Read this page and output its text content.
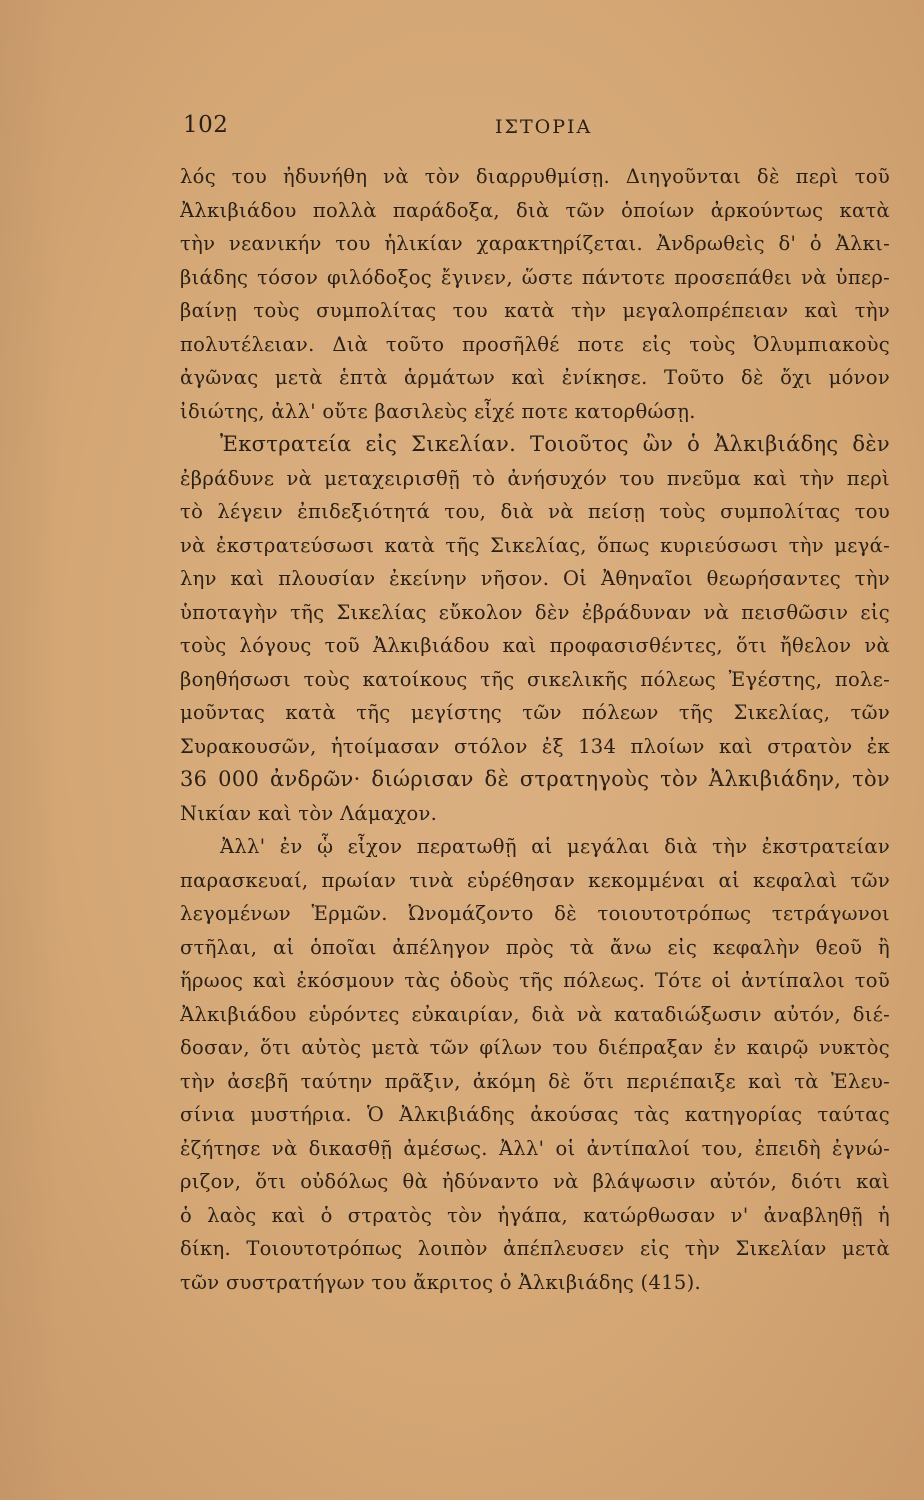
102	ΙΣΤΟΡΙΑ
λός του ἠδυνήθη νὰ τὸν διαρρυθμίσῃ. Διηγοῦνται δὲ περὶ τοῦ
Ἀλκιβιάδου πολλὰ παράδοξα, διὰ τῶν ὁποίων ἀρκούντως κατὰ
τὴν νεανικήν του ἡλικίαν χαρακτηρίζεται. Ἀνδρωθεὶς δ' ὁ Ἀλκι-
βιάδης τόσον φιλόδοξος ἔγινεν, ὥστε πάντοτε προσεπάθει νὰ ὑπερ-
βαίνῃ τοὺς συμπολίτας του κατὰ τὴν μεγαλοπρέπειαν καὶ τὴν
πολυτέλειαν. Διὰ τοῦτο προσῆλθέ ποτε εἰς τοὺς Ὀλυμπιακοὺς
ἀγῶνας μετὰ ἑπτὰ ἁρμάτων καὶ ἐνίκησε. Τοῦτο δὲ ὄχι μόνον
ἰδιώτης, ἀλλ' οὔτε βασιλεὺς εἶχέ ποτε κατορθώσῃ.
Ἐκστρατεία εἰς Σικελίαν. Τοιοῦτος ὢν ὁ Ἀλκιβιάδης δὲν
ἐβράδυνε νὰ μεταχειρισθῇ τὸ ἀνήσυχόν του πνεῦμα καὶ τὴν περὶ
τὸ λέγειν ἐπιδεξιότητά του, διὰ νὰ πείσῃ τοὺς συμπολίτας του
νὰ ἐκστρατεύσωσι κατὰ τῆς Σικελίας, ὅπως κυριεύσωσι τὴν μεγά-
λην καὶ πλουσίαν ἐκείνην νῆσον. Οἱ Ἀθηναῖοι θεωρήσαντες τὴν
ὑποταγὴν τῆς Σικελίας εὔκολον δὲν ἐβράδυναν νὰ πεισθῶσιν εἰς
τοὺς λόγους τοῦ Ἀλκιβιάδου καὶ προφασισθέντες, ὅτι ἤθελον νὰ
βοηθήσωσι τοὺς κατοίκους τῆς σικελικῆς πόλεως Ἐγέστης, πολε-
μοῦντας κατὰ τῆς μεγίστης τῶν πόλεων τῆς Σικελίας, τῶν
Συρακουσῶν, ἡτοίμασαν στόλον ἐξ 134 πλοίων καὶ στρατὸν ἐκ
36 000 ἀνδρῶν· διώρισαν δὲ στρατηγοὺς τὸν Ἀλκιβιάδην, τὸν
Νικίαν καὶ τὸν Λάμαχον.
Ἀλλ' ἐν ᾧ εἶχον περατωθῇ αἱ μεγάλαι διὰ τὴν ἐκστρατείαν
παρασκευαί, πρωίαν τινὰ εὑρέθησαν κεκομμέναι αἱ κεφαλαὶ τῶν
λεγομένων Ἑρμῶν. Ὠνομάζοντο δὲ τοιουτοτρόπως τετράγωνοι
στῆλαι, αἱ ὁποῖαι ἀπέληγον πρὸς τὰ ἄνω εἰς κεφαλὴν θεοῦ ἢ
ἥρωος καὶ ἐκόσμουν τὰς ὁδοὺς τῆς πόλεως. Τότε οἱ ἀντίπαλοι τοῦ
Ἀλκιβιάδου εὑρόντες εὐκαιρίαν, διὰ νὰ καταδιώξωσιν αὐτόν, διέ-
δοσαν, ὅτι αὐτὸς μετὰ τῶν φίλων του διέπραξαν ἐν καιρῷ νυκτὸς
τὴν ἀσεβῆ ταύτην πρᾶξιν, ἀκόμη δὲ ὅτι περιέπαιξε καὶ τὰ Ἐλευ-
σίνια μυστήρια. Ὁ Ἀλκιβιάδης ἀκούσας τὰς κατηγορίας ταύτας
ἐζήτησε νὰ δικασθῇ ἀμέσως. Ἀλλ' οἱ ἀντίπαλοί του, ἐπειδὴ ἐγνώ-
ριζον, ὅτι οὐδόλως θὰ ἠδύναντο νὰ βλάψωσιν αὐτόν, διότι καὶ
ὁ λαὸς καὶ ὁ στρατὸς τὸν ἠγάπα, κατώρθωσαν ν' ἀναβληθῇ ἡ
δίκη. Τοιουτοτρόπως λοιπὸν ἀπέπλευσεν εἰς τὴν Σικελίαν μετὰ
τῶν συστρατήγων του ἄκριτος ὁ Ἀλκιβιάδης (415).
